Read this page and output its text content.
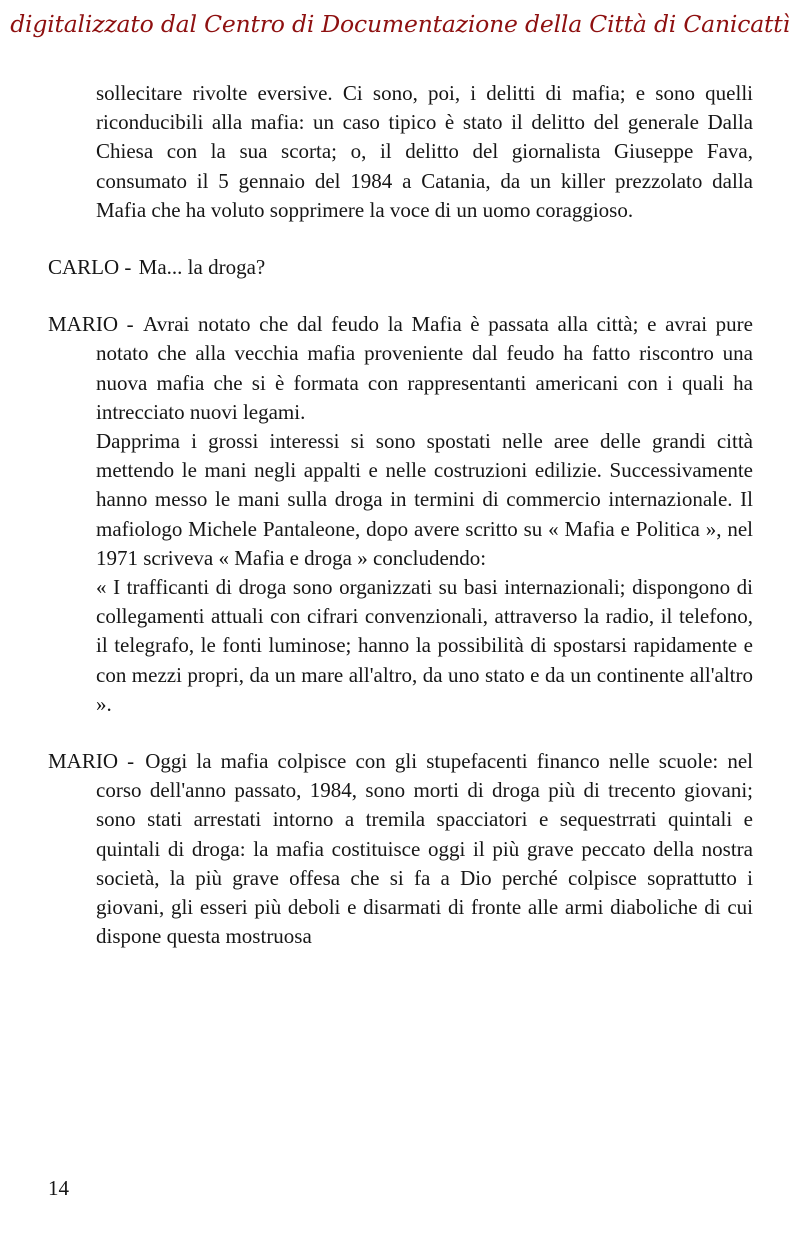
digitalizzato dal Centro di Documentazione della Città di Canicattì

sollecitare rivolte eversive. Ci sono, poi, i delitti di mafia; e sono quelli riconducibili alla mafia: un caso tipico è stato il delitto del generale Dalla Chiesa con la sua scorta; o, il delitto del giornalista Giuseppe Fava, consumato il 5 gennaio del 1984 a Catania, da un killer prezzolato dalla Mafia che ha voluto sopprimere la voce di un uomo coraggioso.

CARLO - Ma... la droga?

MARIO - Avrai notato che dal feudo la Mafia è passata alla città; e avrai pure notato che alla vecchia mafia proveniente dal feudo ha fatto riscontro una nuova mafia che si è formata con rappresentanti americani con i quali ha intrecciato nuovi legami.

Dapprima i grossi interessi si sono spostati nelle aree delle grandi città mettendo le mani negli appalti e nelle costruzioni edilizie. Successivamente hanno messo le mani sulla droga in termini di commercio internazionale. Il mafiologo Michele Pantaleone, dopo avere scritto su « Mafia e Politica », nel 1971 scriveva « Mafia e droga » concludendo:

« I trafficanti di droga sono organizzati su basi internazionali; dispongono di collegamenti attuali con cifrari convenzionali, attraverso la radio, il telefono, il telegrafo, le fonti luminose; hanno la possibilità di spostarsi rapidamente e con mezzi propri, da un mare all'altro, da uno stato e da un continente all'altro ».

MARIO - Oggi la mafia colpisce con gli stupefacenti financo nelle scuole: nel corso dell'anno passato, 1984, sono morti di droga più di trecento giovani; sono stati arrestati intorno a tremila spacciatori e sequestrrati quintali e quintali di droga: la mafia costituisce oggi il più grave peccato della nostra società, la più grave offesa che si fa a Dio perché colpisce soprattutto i giovani, gli esseri più deboli e disarmati di fronte alle armi diaboliche di cui dispone questa mostruosa

14
